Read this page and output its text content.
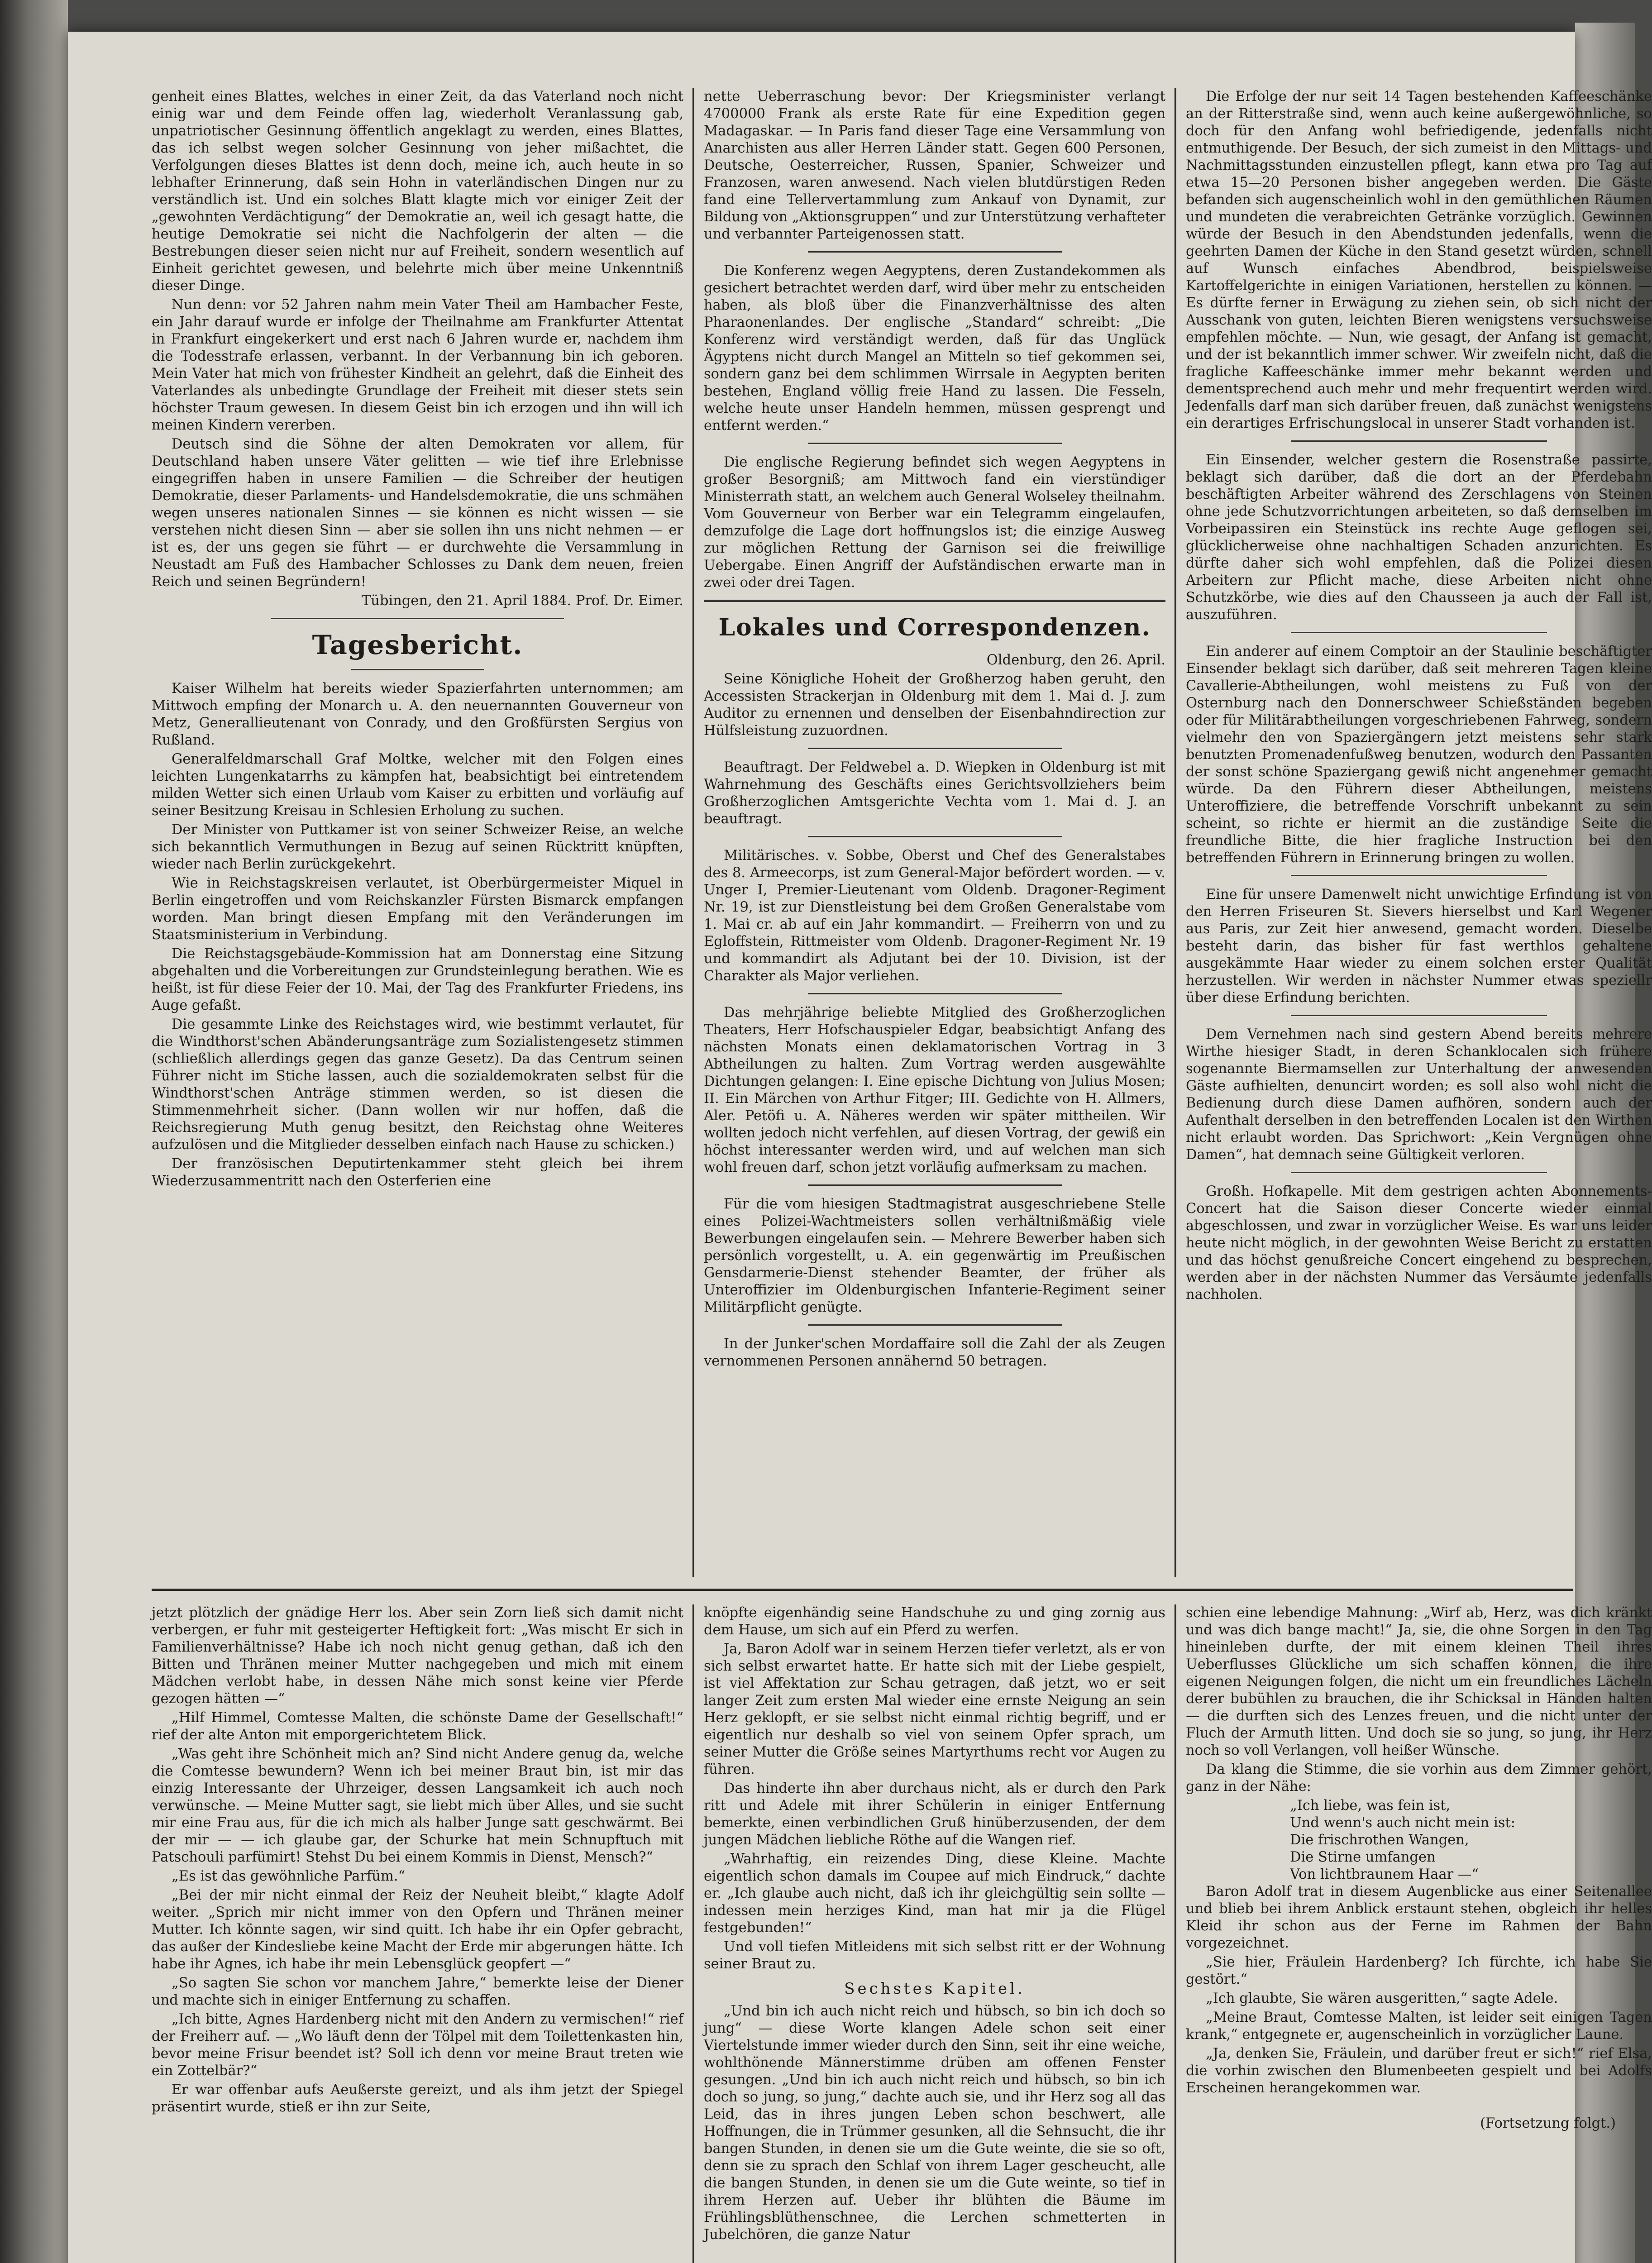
genheit eines Blattes, welches in einer Zeit, da das Vaterland noch nicht einig war und dem Feinde offen lag, wiederholt Veranlassung gab, unpatriotischer Gesinnung öffentlich angeklagt zu werden, eines Blattes, das ich selbst wegen solcher Gesinnung von jeher mißachtet, die Verfolgungen dieses Blattes ist denn doch, meine ich, auch heute in so lebhafter Erinnerung, daß sein Hohn in vaterländischen Dingen nur zu verständlich ist. Und ein solches Blatt klagte mich vor einiger Zeit der „gewohnten Verdächtigung“ der Demokratie an, weil ich gesagt hatte, die heutige Demokratie sei nicht die Nachfolgerin der alten — die Bestrebungen dieser seien nicht nur auf Freiheit, sondern wesentlich auf Einheit gerichtet gewesen, und belehrte mich über meine Unkenntniß dieser Dinge.

Nun denn: vor 52 Jahren nahm mein Vater Theil am Hambacher Feste, ein Jahr darauf wurde er infolge der Theilnahme am Frankfurter Attentat in Frankfurt eingekerkert und erst nach 6 Jahren wurde er, nachdem ihm die Todesstrafe erlassen, verbannt. In der Verbannung bin ich geboren. Mein Vater hat mich von frühester Kindheit an gelehrt, daß die Einheit des Vaterlandes als unbedingte Grundlage der Freiheit mit dieser stets sein höchster Traum gewesen. In diesem Geist bin ich erzogen und ihn will ich meinen Kindern vererben.

Deutsch sind die Söhne der alten Demokraten vor allem, für Deutschland haben unsere Väter gelitten — wie tief ihre Erlebnisse eingegriffen haben in unsere Familien — die Schreiber der heutigen Demokratie, dieser Parlaments- und Handelsdemokratie, die uns schmähen wegen unseres nationalen Sinnes — sie können es nicht wissen — sie verstehen nicht diesen Sinn — aber sie sollen ihn uns nicht nehmen — er ist es, der uns gegen sie führt — er durchwehte die Versammlung in Neustadt am Fuß des Hambacher Schlosses zu Dank dem neuen, freien Reich und seinen Begründern!

Tübingen, den 21. April 1884. Prof. Dr. Eimer.

Tagesbericht.

Kaiser Wilhelm hat bereits wieder Spazierfahrten unternommen; am Mittwoch empfing der Monarch u. A. den neuernannten Gouverneur von Metz, Generallieutenant von Conrady, und den Großfürsten Sergius von Rußland.

Generalfeldmarschall Graf Moltke, welcher mit den Folgen eines leichten Lungenkatarrhs zu kämpfen hat, beabsichtigt bei eintretendem milden Wetter sich einen Urlaub vom Kaiser zu erbitten und vorläufig auf seiner Besitzung Kreisau in Schlesien Erholung zu suchen.

Der Minister von Puttkamer ist von seiner Schweizer Reise, an welche sich bekanntlich Vermuthungen in Bezug auf seinen Rücktritt knüpften, wieder nach Berlin zurückgekehrt.

Wie in Reichstagskreisen verlautet, ist Oberbürgermeister Miquel in Berlin eingetroffen und vom Reichskanzler Fürsten Bismarck empfangen worden. Man bringt diesen Empfang mit den Veränderungen im Staatsministerium in Verbindung.

Die Reichstagsgebäude-Kommission hat am Donnerstag eine Sitzung abgehalten und die Vorbereitungen zur Grundsteinlegung berathen. Wie es heißt, ist für diese Feier der 10. Mai, der Tag des Frankfurter Friedens, ins Auge gefaßt.

Die gesammte Linke des Reichstages wird, wie bestimmt verlautet, für die Windthorst'schen Abänderungsanträge zum Sozialistengesetz stimmen (schließlich allerdings gegen das ganze Gesetz). Da das Centrum seinen Führer nicht im Stiche lassen, auch die sozialdemokraten selbst für die Windthorst'schen Anträge stimmen werden, so ist diesen die Stimmenmehrheit sicher. (Dann wollen wir nur hoffen, daß die Reichsregierung Muth genug besitzt, den Reichstag ohne Weiteres aufzulösen und die Mitglieder desselben einfach nach Hause zu schicken.)

Der französischen Deputirtenkammer steht gleich bei ihrem Wiederzusammentritt nach den Osterferien eine

nette Ueberraschung bevor: Der Kriegsminister verlangt 4700000 Frank als erste Rate für eine Expedition gegen Madagaskar. — In Paris fand dieser Tage eine Versammlung von Anarchisten aus aller Herren Länder statt. Gegen 600 Personen, Deutsche, Oesterreicher, Russen, Spanier, Schweizer und Franzosen, waren anwesend. Nach vielen blutdürstigen Reden fand eine Tellervertammlung zum Ankauf von Dynamit, zur Bildung von „Aktionsgruppen“ und zur Unterstützung verhafteter und verbannter Parteigenossen statt.

Die Konferenz wegen Aegyptens, deren Zustandekommen als gesichert betrachtet werden darf, wird über mehr zu entscheiden haben, als bloß über die Finanzverhältnisse des alten Pharaonenlandes. Der englische „Standard“ schreibt: „Die Konferenz wird verständigt werden, daß für das Unglück Ägyptens nicht durch Mangel an Mitteln so tief gekommen sei, sondern ganz bei dem schlimmen Wirrsale in Aegypten beriten bestehen, England völlig freie Hand zu lassen. Die Fesseln, welche heute unser Handeln hemmen, müssen gesprengt und entfernt werden.“

Die englische Regierung befindet sich wegen Aegyptens in großer Besorgniß; am Mittwoch fand ein vierstündiger Ministerrath statt, an welchem auch General Wolseley theilnahm. Vom Gouverneur von Berber war ein Telegramm eingelaufen, demzufolge die Lage dort hoffnungslos ist; die einzige Ausweg zur möglichen Rettung der Garnison sei die freiwillige Uebergabe. Einen Angriff der Aufständischen erwarte man in zwei oder drei Tagen.

Lokales und Correspondenzen.

Oldenburg, den 26. April.

Seine Königliche Hoheit der Großherzog haben geruht, den Accessisten Strackerjan in Oldenburg mit dem 1. Mai d. J. zum Auditor zu ernennen und denselben der Eisenbahndirection zur Hülfsleistung zuzuordnen.

Beauftragt. Der Feldwebel a. D. Wiepken in Oldenburg ist mit Wahrnehmung des Geschäfts eines Gerichtsvollziehers beim Großherzoglichen Amtsgerichte Vechta vom 1. Mai d. J. an beauftragt.

Militärisches. v. Sobbe, Oberst und Chef des Generalstabes des 8. Armeecorps, ist zum General-Major befördert worden. — v. Unger I, Premier-Lieutenant vom Oldenb. Dragoner-Regiment Nr. 19, ist zur Dienstleistung bei dem Großen Generalstabe vom 1. Mai cr. ab auf ein Jahr kommandirt. — Freiherrn von und zu Egloffstein, Rittmeister vom Oldenb. Dragoner-Regiment Nr. 19 und kommandirt als Adjutant bei der 10. Division, ist der Charakter als Major verliehen.

Das mehrjährige beliebte Mitglied des Großherzoglichen Theaters, Herr Hofschauspieler Edgar, beabsichtigt Anfang des nächsten Monats einen deklamatorischen Vortrag in 3 Abtheilungen zu halten. Zum Vortrag werden ausgewählte Dichtungen gelangen: I. Eine epische Dichtung von Julius Mosen; II. Ein Märchen von Arthur Fitger; III. Gedichte von H. Allmers, Aler. Petöfi u. A. Näheres werden wir später mittheilen. Wir wollten jedoch nicht verfehlen, auf diesen Vortrag, der gewiß ein höchst interessanter werden wird, und auf welchen man sich wohl freuen darf, schon jetzt vorläufig aufmerksam zu machen.

Für die vom hiesigen Stadtmagistrat ausgeschriebene Stelle eines Polizei-Wachtmeisters sollen verhältnißmäßig viele Bewerbungen eingelaufen sein. — Mehrere Bewerber haben sich persönlich vorgestellt, u. A. ein gegenwärtig im Preußischen Gensdarmerie-Dienst stehender Beamter, der früher als Unteroffizier im Oldenburgischen Infanterie-Regiment seiner Militärpflicht genügte.

In der Junker'schen Mordaffaire soll die Zahl der als Zeugen vernommenen Personen annähernd 50 betragen.

Die Erfolge der nur seit 14 Tagen bestehenden Kaffeeschänke an der Ritterstraße sind, wenn auch keine außergewöhnliche, so doch für den Anfang wohl befriedigende, jedenfalls nicht entmuthigende. Der Besuch, der sich zumeist in den Mittags- und Nachmittagsstunden einzustellen pflegt, kann etwa pro Tag auf etwa 15—20 Personen bisher angegeben werden. Die Gäste befanden sich augenscheinlich wohl in den gemüthlichen Räumen und mundeten die verabreichten Getränke vorzüglich. Gewinnen würde der Besuch in den Abendstunden jedenfalls, wenn die geehrten Damen der Küche in den Stand gesetzt würden, schnell auf Wunsch einfaches Abendbrod, beispielsweise Kartoffelgerichte in einigen Variationen, herstellen zu können. — Es dürfte ferner in Erwägung zu ziehen sein, ob sich nicht der Ausschank von guten, leichten Bieren wenigstens versuchsweise empfehlen möchte. — Nun, wie gesagt, der Anfang ist gemacht, und der ist bekanntlich immer schwer. Wir zweifeln nicht, daß die fragliche Kaffeeschänke immer mehr bekannt werden und dementsprechend auch mehr und mehr frequentirt werden wird. Jedenfalls darf man sich darüber freuen, daß zunächst wenigstens ein derartiges Erfrischungslocal in unserer Stadt vorhanden ist.

Ein Einsender, welcher gestern die Rosenstraße passirte, beklagt sich darüber, daß die dort an der Pferdebahn beschäftigten Arbeiter während des Zerschlagens von Steinen ohne jede Schutzvorrichtungen arbeiteten, so daß demselben im Vorbeipassiren ein Steinstück ins rechte Auge geflogen sei, glücklicherweise ohne nachhaltigen Schaden anzurichten. Es dürfte daher sich wohl empfehlen, daß die Polizei diesen Arbeitern zur Pflicht mache, diese Arbeiten nicht ohne Schutzkörbe, wie dies auf den Chausseen ja auch der Fall ist, auszuführen.

Ein anderer auf einem Comptoir an der Staulinie beschäftigter Einsender beklagt sich darüber, daß seit mehreren Tagen kleine Cavallerie-Abtheilungen, wohl meistens zu Fuß von der Osternburg nach den Donnerschweer Schießständen begeben oder für Militärabtheilungen vorgeschriebenen Fahrweg, sondern vielmehr den von Spaziergängern jetzt meistens sehr stark benutzten Promenadenfußweg benutzen, wodurch den Passanten der sonst schöne Spaziergang gewiß nicht angenehmer gemacht würde. Da den Führern dieser Abtheilungen, meistens Unteroffiziere, die betreffende Vorschrift unbekannt zu sein scheint, so richte er hiermit an die zuständige Seite die freundliche Bitte, die hier fragliche Instruction bei den betreffenden Führern in Erinnerung bringen zu wollen.

Eine für unsere Damenwelt nicht unwichtige Erfindung ist von den Herren Friseuren St. Sievers hierselbst und Karl Wegener aus Paris, zur Zeit hier anwesend, gemacht worden. Dieselbe besteht darin, das bisher für fast werthlos gehaltene ausgekämmte Haar wieder zu einem solchen erster Qualität herzustellen. Wir werden in nächster Nummer etwas speziellr über diese Erfindung berichten.

Dem Vernehmen nach sind gestern Abend bereits mehrere Wirthe hiesiger Stadt, in deren Schanklocalen sich frühere sogenannte Biermamsellen zur Unterhaltung der anwesenden Gäste aufhielten, denuncirt worden; es soll also wohl nicht die Bedienung durch diese Damen aufhören, sondern auch der Aufenthalt derselben in den betreffenden Localen ist den Wirthen nicht erlaubt worden. Das Sprichwort: „Kein Vergnügen ohne Damen“, hat demnach seine Gültigkeit verloren.

Großh. Hofkapelle. Mit dem gestrigen achten Abonnements-Concert hat die Saison dieser Concerte wieder einmal abgeschlossen, und zwar in vorzüglicher Weise. Es war uns leider heute nicht möglich, in der gewohnten Weise Bericht zu erstatten und das höchst genußreiche Concert eingehend zu besprechen, werden aber in der nächsten Nummer das Versäumte jedenfalls nachholen.

jetzt plötzlich der gnädige Herr los. Aber sein Zorn ließ sich damit nicht verbergen, er fuhr mit gesteigerter Heftigkeit fort: „Was mischt Er sich in Familienverhältnisse? Habe ich noch nicht genug gethan, daß ich den Bitten und Thränen meiner Mutter nachgegeben und mich mit einem Mädchen verlobt habe, in dessen Nähe mich sonst keine vier Pferde gezogen hätten —“

„Hilf Himmel, Comtesse Malten, die schönste Dame der Gesellschaft!“ rief der alte Anton mit emporgerichtetem Blick.

„Was geht ihre Schönheit mich an? Sind nicht Andere genug da, welche die Comtesse bewundern? Wenn ich bei meiner Braut bin, ist mir das einzig Interessante der Uhrzeiger, dessen Langsamkeit ich auch noch verwünsche. — Meine Mutter sagt, sie liebt mich über Alles, und sie sucht mir eine Frau aus, für die ich mich als halber Junge satt geschwärmt. Bei der mir — — ich glaube gar, der Schurke hat mein Schnupftuch mit Patschouli parfümirt! Stehst Du bei einem Kommis in Dienst, Mensch?“

„Es ist das gewöhnliche Parfüm.“

„Bei der mir nicht einmal der Reiz der Neuheit bleibt,“ klagte Adolf weiter. „Sprich mir nicht immer von den Opfern und Thränen meiner Mutter. Ich könnte sagen, wir sind quitt. Ich habe ihr ein Opfer gebracht, das außer der Kindesliebe keine Macht der Erde mir abgerungen hätte. Ich habe ihr Agnes, ich habe ihr mein Lebensglück geopfert —“

„So sagten Sie schon vor manchem Jahre,“ bemerkte leise der Diener und machte sich in einiger Entfernung zu schaffen.

„Ich bitte, Agnes Hardenberg nicht mit den Andern zu vermischen!“ rief der Freiherr auf. — „Wo läuft denn der Tölpel mit dem Toilettenkasten hin, bevor meine Frisur beendet ist? Soll ich denn vor meine Braut treten wie ein Zottelbär?“

Er war offenbar aufs Aeußerste gereizt, und als ihm jetzt der Spiegel präsentirt wurde, stieß er ihn zur Seite,

knöpfte eigenhändig seine Handschuhe zu und ging zornig aus dem Hause, um sich auf ein Pferd zu werfen.

Ja, Baron Adolf war in seinem Herzen tiefer verletzt, als er von sich selbst erwartet hatte. Er hatte sich mit der Liebe gespielt, ist viel Affektation zur Schau getragen, daß jetzt, wo er seit langer Zeit zum ersten Mal wieder eine ernste Neigung an sein Herz geklopft, er sie selbst nicht einmal richtig begriff, und er eigentlich nur deshalb so viel von seinem Opfer sprach, um seiner Mutter die Größe seines Martyrthums recht vor Augen zu führen.

Das hinderte ihn aber durchaus nicht, als er durch den Park ritt und Adele mit ihrer Schülerin in einiger Entfernung bemerkte, einen verbindlichen Gruß hinüberzusenden, der dem jungen Mädchen liebliche Röthe auf die Wangen rief.

„Wahrhaftig, ein reizendes Ding, diese Kleine. Machte eigentlich schon damals im Coupee auf mich Eindruck,“ dachte er. „Ich glaube auch nicht, daß ich ihr gleichgültig sein sollte — indessen mein herziges Kind, man hat mir ja die Flügel festgebunden!“

Und voll tiefen Mitleidens mit sich selbst ritt er der Wohnung seiner Braut zu.

Sechstes Kapitel.

„Und bin ich auch nicht reich und hübsch, so bin ich doch so jung“ — diese Worte klangen Adele schon seit einer Viertelstunde immer wieder durch den Sinn, seit ihr eine weiche, wohlthönende Männerstimme drüben am offenen Fenster gesungen. „Und bin ich auch nicht reich und hübsch, so bin ich doch so jung, so jung,“ dachte auch sie, und ihr Herz sog all das Leid, das in ihres jungen Leben schon beschwert, alle Hoffnungen, die in Trümmer gesunken, all die Sehnsucht, die ihr bangen Stunden, in denen sie um die Gute weinte, die sie so oft, denn sie zu sprach den Schlaf von ihrem Lager gescheucht, alle die bangen Stunden, in denen sie um die Gute weinte, so tief in ihrem Herzen auf. Ueber ihr blühten die Bäume im Frühlingsblüthenschnee, die Lerchen schmetterten in Jubelchören, die ganze Natur

schien eine lebendige Mahnung: „Wirf ab, Herz, was dich kränkt und was dich bange macht!“ Ja, sie, die ohne Sorgen in den Tag hineinleben durfte, der mit einem kleinen Theil ihres Ueberflusses Glückliche um sich schaffen können, die ihre eigenen Neigungen folgen, die nicht um ein freundliches Lächeln derer bubühlen zu brauchen, die ihr Schicksal in Händen halten — die durften sich des Lenzes freuen, und die nicht unter der Fluch der Armuth litten. Und doch sie so jung, so jung, ihr Herz noch so voll Verlangen, voll heißer Wünsche.

Da klang die Stimme, die sie vorhin aus dem Zimmer gehört, ganz in der Nähe:

„Ich liebe, was fein ist,

Und wenn's auch nicht mein ist:

Die frischrothen Wangen,

Die Stirne umfangen

Von lichtbraunem Haar —“

Baron Adolf trat in diesem Augenblicke aus einer Seitenallee und blieb bei ihrem Anblick erstaunt stehen, obgleich ihr helles Kleid ihr schon aus der Ferne im Rahmen der Bahn vorgezeichnet.

„Sie hier, Fräulein Hardenberg? Ich fürchte, ich habe Sie gestört.“

„Ich glaubte, Sie wären ausgeritten,“ sagte Adele.

„Meine Braut, Comtesse Malten, ist leider seit einigen Tagen krank,“ entgegnete er, augenscheinlich in vorzüglicher Laune.

„Ja, denken Sie, Fräulein, und darüber freut er sich!“ rief Elsa, die vorhin zwischen den Blumenbeeten gespielt und bei Adolfs Erscheinen herangekommen war.

(Fortsetzung folgt.)
